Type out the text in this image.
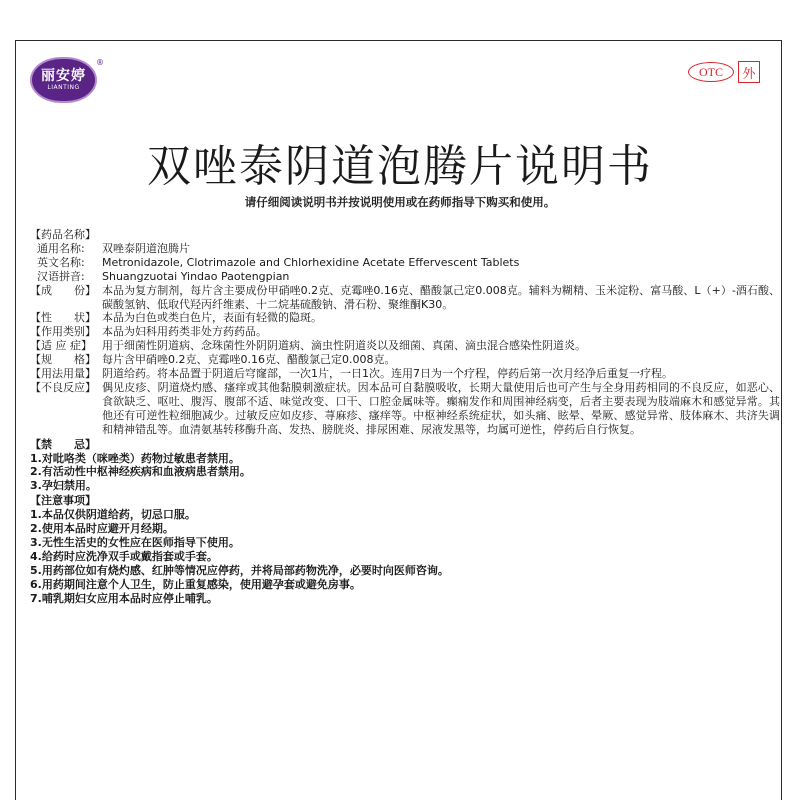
丽安婷
LIANTING
®
OTC	外
双唑泰阴道泡腾片说明书
请仔细阅读说明书并按说明使用或在药师指导下购买和使用。
【药品名称】
通用名称:	双唑泰阴道泡腾片
英文名称:	Metronidazole, Clotrimazole and Chlorhexidine Acetate Effervescent Tablets
汉语拼音:	Shuangzuotai Yindao Paotengpian
【成　　份】 本品为复方制剂，每片含主要成份甲硝唑0.2克、克霉唑0.16克、醋酸氯己定0.008克。辅料为糊精、玉米淀粉、富马酸、L（+）-酒石酸、碳酸氢钠、低取代羟丙纤维素、十二烷基硫酸钠、滑石粉、聚维酮K30。
【性　　状】 本品为白色或类白色片，表面有轻微的隐斑。
【作用类别】 本品为妇科用药类非处方药药品。
【适 应 症】 用于细菌性阴道病、念珠菌性外阴阴道病、滴虫性阴道炎以及细菌、真菌、滴虫混合感染性阴道炎。
【规　　格】 每片含甲硝唑0.2克、克霉唑0.16克、醋酸氯己定0.008克。
【用法用量】 阴道给药。将本品置于阴道后穹窿部，一次1片，一日1次。连用7日为一个疗程，停药后第一次月经净后重复一疗程。
【不良反应】 偶见皮疹、阴道烧灼感、瘙痒或其他黏膜刺激症状。因本品可自黏膜吸收，长期大量使用后也可产生与全身用药相同的不良反应，如恶心、食欲缺乏、呕吐、腹泻、腹部不适、味觉改变、口干、口腔金属味等。癫痫发作和周围神经病变，后者主要表现为肢端麻木和感觉异常。其他还有可逆性粒细胞减少。过敏反应如皮疹、荨麻疹、瘙痒等。中枢神经系统症状，如头痛、眩晕、晕厥、感觉异常、肢体麻木、共济失调和精神错乱等。血清氨基转移酶升高、发热、膀胱炎、排尿困难、尿液发黑等，均属可逆性，停药后自行恢复。
【禁　　忌】
1.对吡咯类（咪唑类）药物过敏患者禁用。
2.有活动性中枢神经疾病和血液病患者禁用。
3.孕妇禁用。
【注意事项】
1.本品仅供阴道给药，切忌口服。
2.使用本品时应避开月经期。
3.无性生活史的女性应在医师指导下使用。
4.给药时应洗净双手或戴指套或手套。
5.用药部位如有烧灼感、红肿等情况应停药，并将局部药物洗净，必要时向医师咨询。
6.用药期间注意个人卫生，防止重复感染，使用避孕套或避免房事。
7.哺乳期妇女应用本品时应停止哺乳。
